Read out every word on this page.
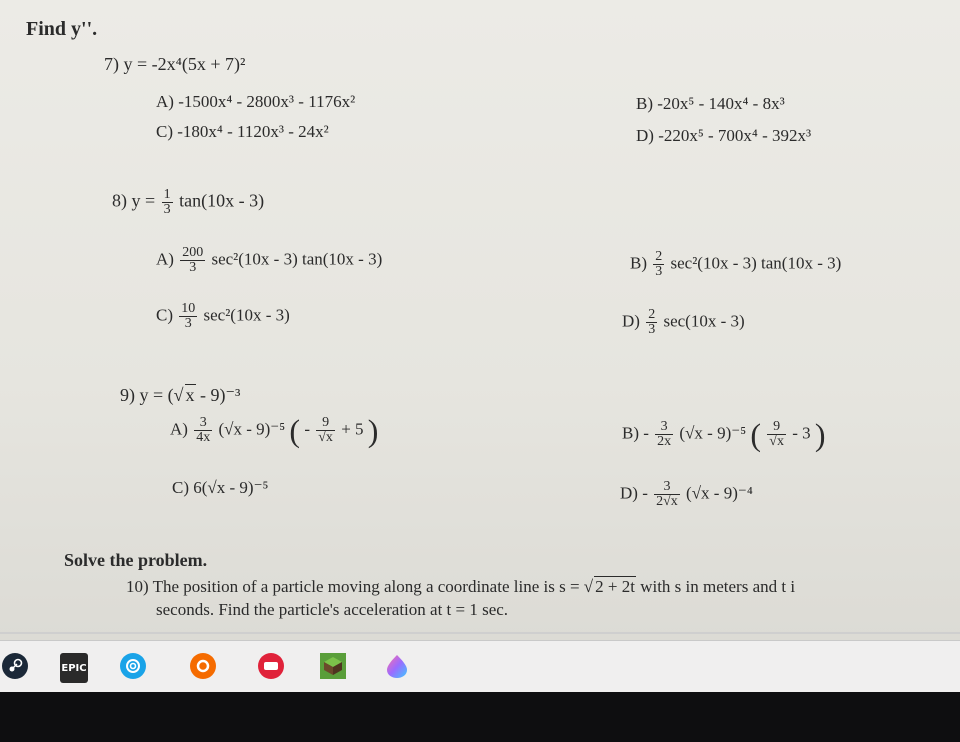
Find y''.
7) y = -2x⁴(5x + 7)²
A) -1500x⁴ - 2800x³ - 1176x²	B) -20x⁵ - 140x⁴ - 8x³
C) -180x⁴ - 1120x³ - 24x²	D) -220x⁵ - 700x⁴ - 392x³
8) $y = \frac{1}{3} \tan(10x - 3)$
$A) \frac{200}{3} \sec^2(10x - 3)$ tan(10x - 3)	$B) \frac{2}{3} \sec^2(10x - 3)$ tan(10x - 3)
$C) \frac{10}{3} \sec^2(10x - 3)$	$D) \frac{2}{3} \sec(10x - 3)$
9) y = (√ x - 9)⁻³
$A) \frac{3}{4x} (√x - 9)^{-5}$ ( - $\frac{9}{√x} + 5$ )	$B) - \frac{3}{2x} (√x - 9)^{-5}$ ( $\frac{9}{√x} - 3$ )
C) 6(√x - 9)⁻⁵	$D) - \frac{3}{2√x} (√x - 9)^{-4}$
Solve the problem.
10) The position of a particle moving along a coordinate line is s = √ 2 + 2t with s in meters and t i
seconds. Find the particle's acceleration at t = 1 sec.
EPIC
